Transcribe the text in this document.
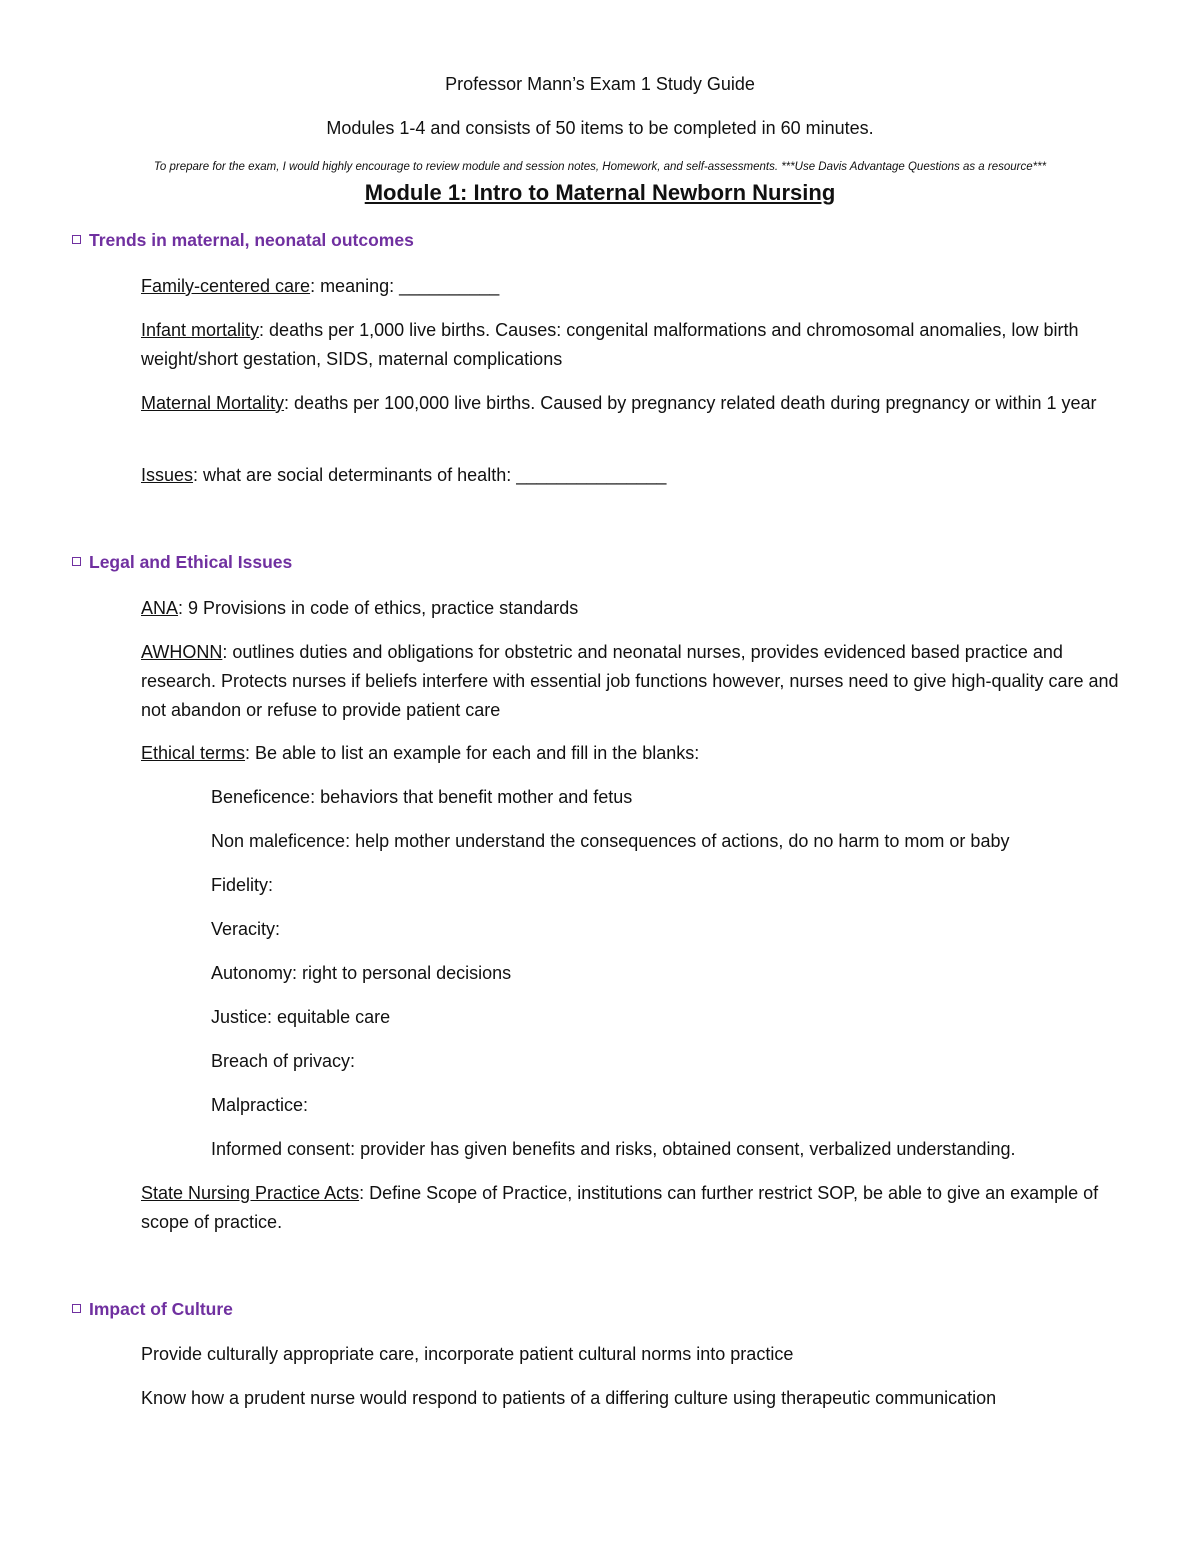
Professor Mann’s Exam 1 Study Guide
Modules 1-4 and consists of 50 items to be completed in 60 minutes.
To prepare for the exam, I would highly encourage to review module and session notes, Homework, and self-assessments. ***Use Davis Advantage Questions as a resource***
Module 1: Intro to Maternal Newborn Nursing
Trends in maternal, neonatal outcomes
Family-centered care: meaning: __________
Infant mortality: deaths per 1,000 live births. Causes: congenital malformations and chromosomal anomalies, low birth weight/short gestation, SIDS, maternal complications
Maternal Mortality: deaths per 100,000 live births. Caused by pregnancy related death during pregnancy or within 1 year
Issues: what are social determinants of health: _______________
Legal and Ethical Issues
ANA: 9 Provisions in code of ethics, practice standards
AWHONN: outlines duties and obligations for obstetric and neonatal nurses, provides evidenced based practice and research. Protects nurses if beliefs interfere with essential job functions however, nurses need to give high-quality care and not abandon or refuse to provide patient care
Ethical terms: Be able to list an example for each and fill in the blanks:
Beneficence: behaviors that benefit mother and fetus
Non maleficence: help mother understand the consequences of actions, do no harm to mom or baby
Fidelity:
Veracity:
Autonomy: right to personal decisions
Justice: equitable care
Breach of privacy:
Malpractice:
Informed consent: provider has given benefits and risks, obtained consent, verbalized understanding.
State Nursing Practice Acts: Define Scope of Practice, institutions can further restrict SOP, be able to give an example of scope of practice.
Impact of Culture
Provide culturally appropriate care, incorporate patient cultural norms into practice
Know how a prudent nurse would respond to patients of a differing culture using therapeutic communication
